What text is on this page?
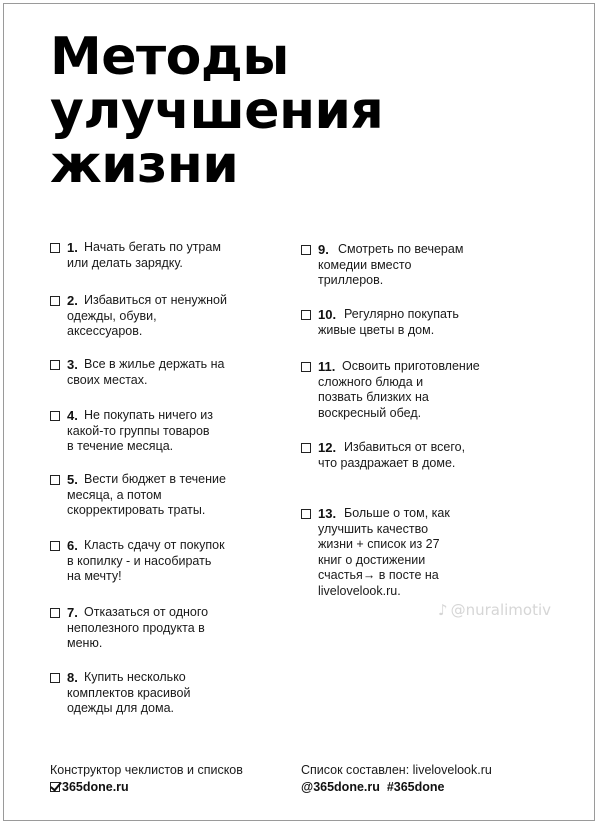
Методы
улучшения
жизни
1. Начать бегать по утрам
или делать зарядку.
2. Избавиться от ненужной
одежды, обуви,
аксессуаров.
3. Все в жилье держать на
своих местах.
4. Не покупать ничего из
какой-то группы товаров
в течение месяца.
5. Вести бюджет в течение
месяца, а потом
скорректировать траты.
6. Класть сдачу от покупок
в копилку - и насобирать
на мечту!
7. Отказаться от одного
неполезного продукта в
меню.
8. Купить несколько
комплектов красивой
одежды для дома.
9. Смотреть по вечерам
комедии вместо
триллеров.
10. Регулярно покупать
живые цветы в дом.
11. Освоить приготовление
сложного блюда и
позвать близких на
воскресный обед.
12. Избавиться от всего,
что раздражает в доме.
13. Больше о том, как
улучшить качество
жизни + список из 27
книг о достижении
счастья→ в посте на
livelovelook.ru.
♪ @nuralimotiv
Конструктор чеклистов и списков
365done.ru
Список составлен: livelovelook.ru
@365done.ru  #365done
